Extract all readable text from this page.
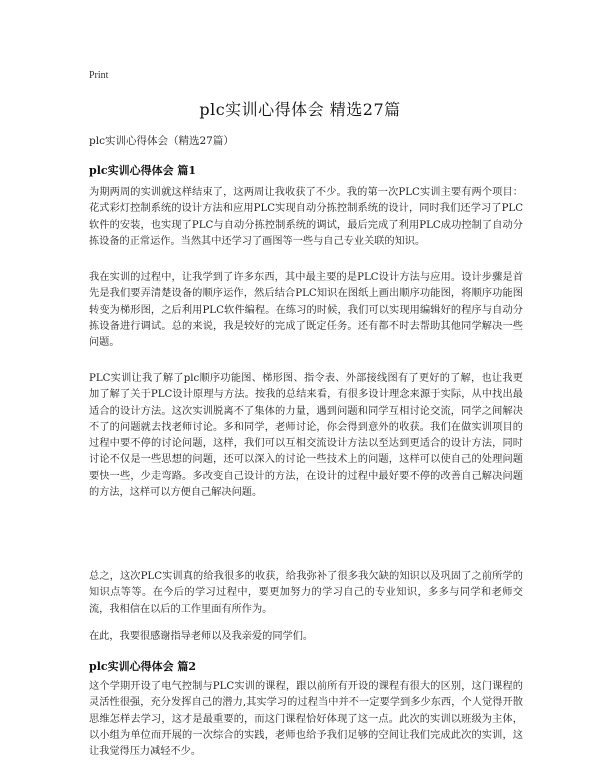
Print
plc实训心得体会 精选27篇
plc实训心得体会（精选27篇）
plc实训心得体会 篇1

为期两周的实训就这样结束了，这两周让我收获了不少。我的第一次PLC实训主要有两个项目：花式彩灯控制系统的设计方法和应用PLC实现自动分拣控制系统的设计，同时我们还学习了PLC软件的安装，也实现了PLC与自动分拣控制系统的调试，最后完成了利用PLC成功控制了自动分拣设备的正常运作。当然其中还学习了画图等一些与自己专业关联的知识。

我在实训的过程中，让我学到了许多东西，其中最主要的是PLC设计方法与应用。设计步骤是首先是我们要弄清楚设备的顺序运作，然后结合PLC知识在图纸上画出顺序功能图，将顺序功能图转变为梯形图，之后利用PLC软件编程。在练习的时候，我们可以实现用编辑好的程序与自动分拣设备进行调试。总的来说，我是较好的完成了既定任务。还有都不时去帮助其他同学解决一些问题。

PLC实训让我了解了plc顺序功能图、梯形图、指令表、外部接线图有了更好的了解，也让我更加了解了关于PLC设计原理与方法。按我的总结来看，有很多设计理念来源于实际，从中找出最适合的设计方法。这次实训脱离不了集体的力量，遇到问题和同学互相讨论交流，同学之间解决不了的问题就去找老师讨论。多和同学，老师讨论，你会得到意外的收获。我们在做实训项目的过程中要不停的讨论问题，这样，我们可以互相交流设计方法以至达到更适合的设计方法，同时讨论不仅是一些思想的问题，还可以深入的讨论一些技术上的问题，这样可以使自己的处理问题要快一些，少走弯路。多改变自己设计的方法，在设计的过程中最好要不停的改善自己解决问题的方法，这样可以方便自己解决问题。

总之，这次PLC实训真的给我很多的收获，给我弥补了很多我欠缺的知识以及巩固了之前所学的知识点等等。在今后的学习过程中，要更加努力的学习自己的专业知识，多多与同学和老师交流，我相信在以后的工作里面有所作为。

在此，我要很感谢指导老师以及我亲爱的同学们。

plc实训心得体会 篇2

这个学期开设了电气控制与PLC实训的课程，跟以前所有开设的课程有很大的区别，这门课程的灵活性很强，充分发挥自己的潜力,其实学习的过程当中并不一定要学到多少东西，个人觉得开散思维怎样去学习，这才是最重要的，而这门课程恰好体现了这一点。此次的实训以班级为主体，以小组为单位而开展的一次综合的实践，老师也给予我们足够的空间让我们完成此次的实训，这让我觉得压力减轻不少。
